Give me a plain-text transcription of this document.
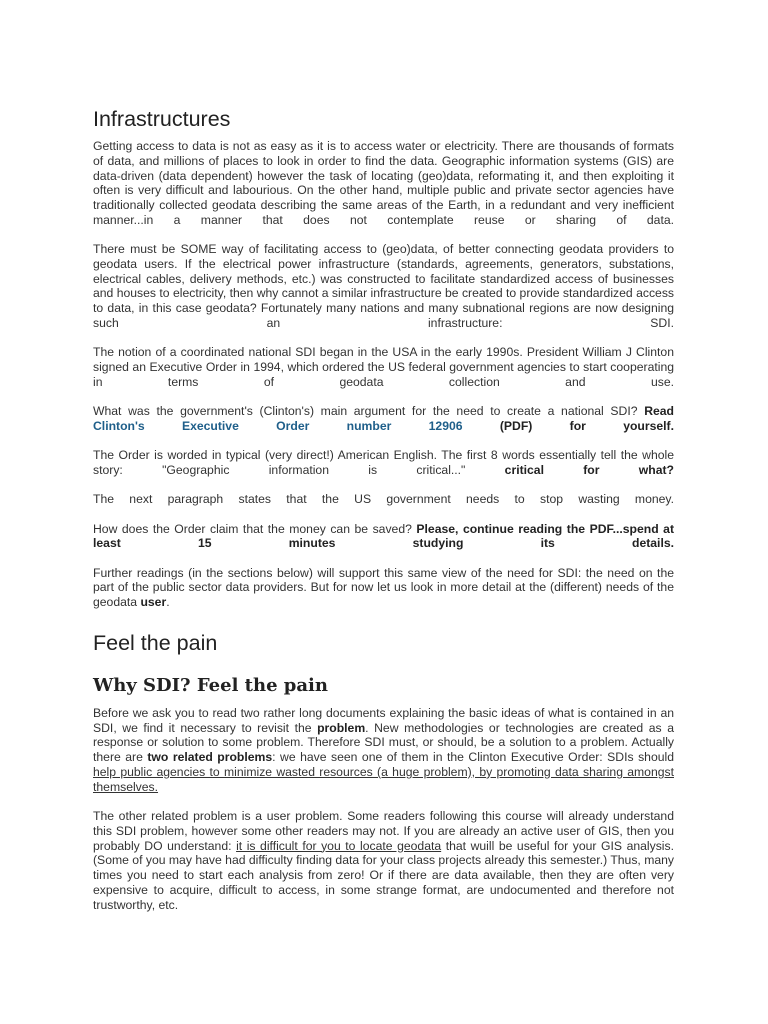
Infrastructures

Getting access to data is not as easy as it is to access water or electricity. There are thousands of formats of data, and millions of places to look in order to find the data. Geographic information systems (GIS) are data-driven (data dependent) however the task of locating (geo)data, reformating it, and then exploiting it often is very difficult and labourious. On the other hand, multiple public and private sector agencies have traditionally collected geodata describing the same areas of the Earth, in a redundant and very inefficient manner...in a manner that does not contemplate reuse or sharing of data.

There must be SOME way of facilitating access to (geo)data, of better connecting geodata providers to geodata users. If the electrical power infrastructure (standards, agreements, generators, substations, electrical cables, delivery methods, etc.) was constructed to facilitate standardized access of businesses and houses to electricity, then why cannot a similar infrastructure be created to provide standardized access to data, in this case geodata? Fortunately many nations and many subnational regions are now designing such an infrastructure: SDI.

The notion of a coordinated national SDI began in the USA in the early 1990s. President William J Clinton signed an Executive Order in 1994, which ordered the US federal government agencies to start cooperating in terms of geodata collection and use.

What was the government's (Clinton's) main argument for the need to create a national SDI? Read Clinton's Executive Order number 12906 (PDF) for yourself.

The Order is worded in typical (very direct!) American English. The first 8 words essentially tell the whole story: "Geographic information is critical..." critical for what?

The next paragraph states that the US government needs to stop wasting money.

How does the Order claim that the money can be saved? Please, continue reading the PDF...spend at least 15 minutes studying its details.

Further readings (in the sections below) will support this same view of the need for SDI: the need on the part of the public sector data providers. But for now let us look in more detail at the (different) needs of the geodata user.

Feel the pain
Why SDI? Feel the pain

Before we ask you to read two rather long documents explaining the basic ideas of what is contained in an SDI, we find it necessary to revisit the problem. New methodologies or technologies are created as a response or solution to some problem. Therefore SDI must, or should, be a solution to a problem. Actually there are two related problems: we have seen one of them in the Clinton Executive Order: SDIs should help public agencies to minimize wasted resources (a huge problem), by promoting data sharing amongst themselves.

The other related problem is a user problem. Some readers following this course will already understand this SDI problem, however some other readers may not. If you are already an active user of GIS, then you probably DO understand: it is difficult for you to locate geodata that wuill be useful for your GIS analysis. (Some of you may have had difficulty finding data for your class projects already this semester.) Thus, many times you need to start each analysis from zero! Or if there are data available, then they are often very expensive to acquire, difficult to access, in some strange format, are undocumented and therefore not trustworthy, etc.
